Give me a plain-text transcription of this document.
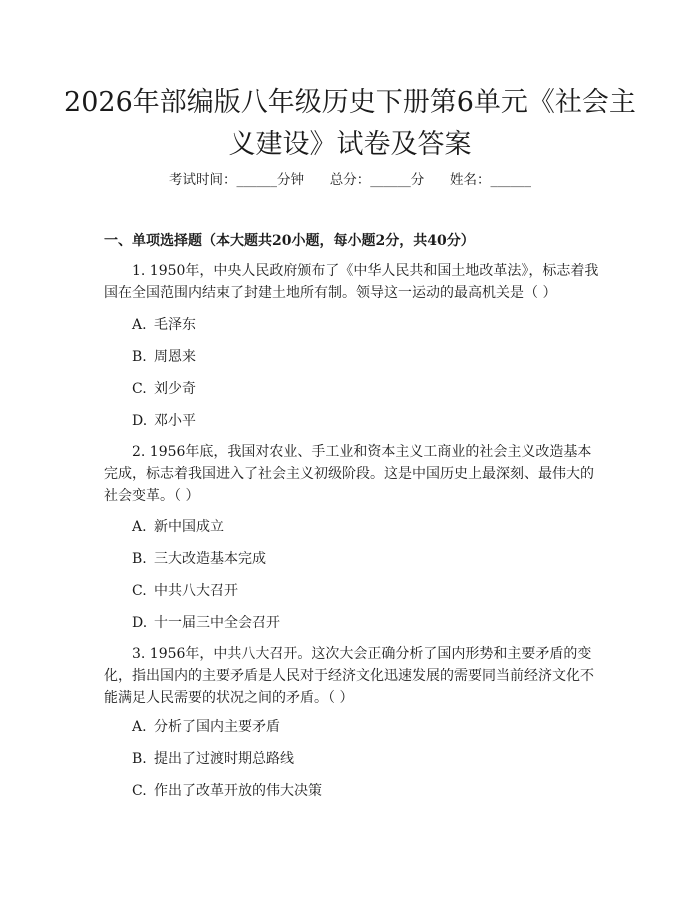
2026年部编版八年级历史下册第6单元《社会主义建设》试卷及答案
考试时间：______分钟 总分：______分 姓名：______
一、单项选择题（本大题共20小题，每小题2分，共40分）

1. 1950年，中央人民政府颁布了《中华人民共和国土地改革法》，标志着我国在全国范围内结束了封建土地所有制。领导这一运动的最高机关是（ ）

A. 毛泽东
B. 周恩来
C. 刘少奇
D. 邓小平

2. 1956年底，我国对农业、手工业和资本主义工商业的社会主义改造基本完成，标志着我国进入了社会主义初级阶段。这是中国历史上最深刻、最伟大的社会变革。（ ）

A. 新中国成立
B. 三大改造基本完成
C. 中共八大召开
D. 十一届三中全会召开

3. 1956年，中共八大召开。这次大会正确分析了国内形势和主要矛盾的变化，指出国内的主要矛盾是人民对于经济文化迅速发展的需要同当前经济文化不能满足人民需要的状况之间的矛盾。（ ）

A. 分析了国内主要矛盾
B. 提出了过渡时期总路线
C. 作出了改革开放的伟大决策
